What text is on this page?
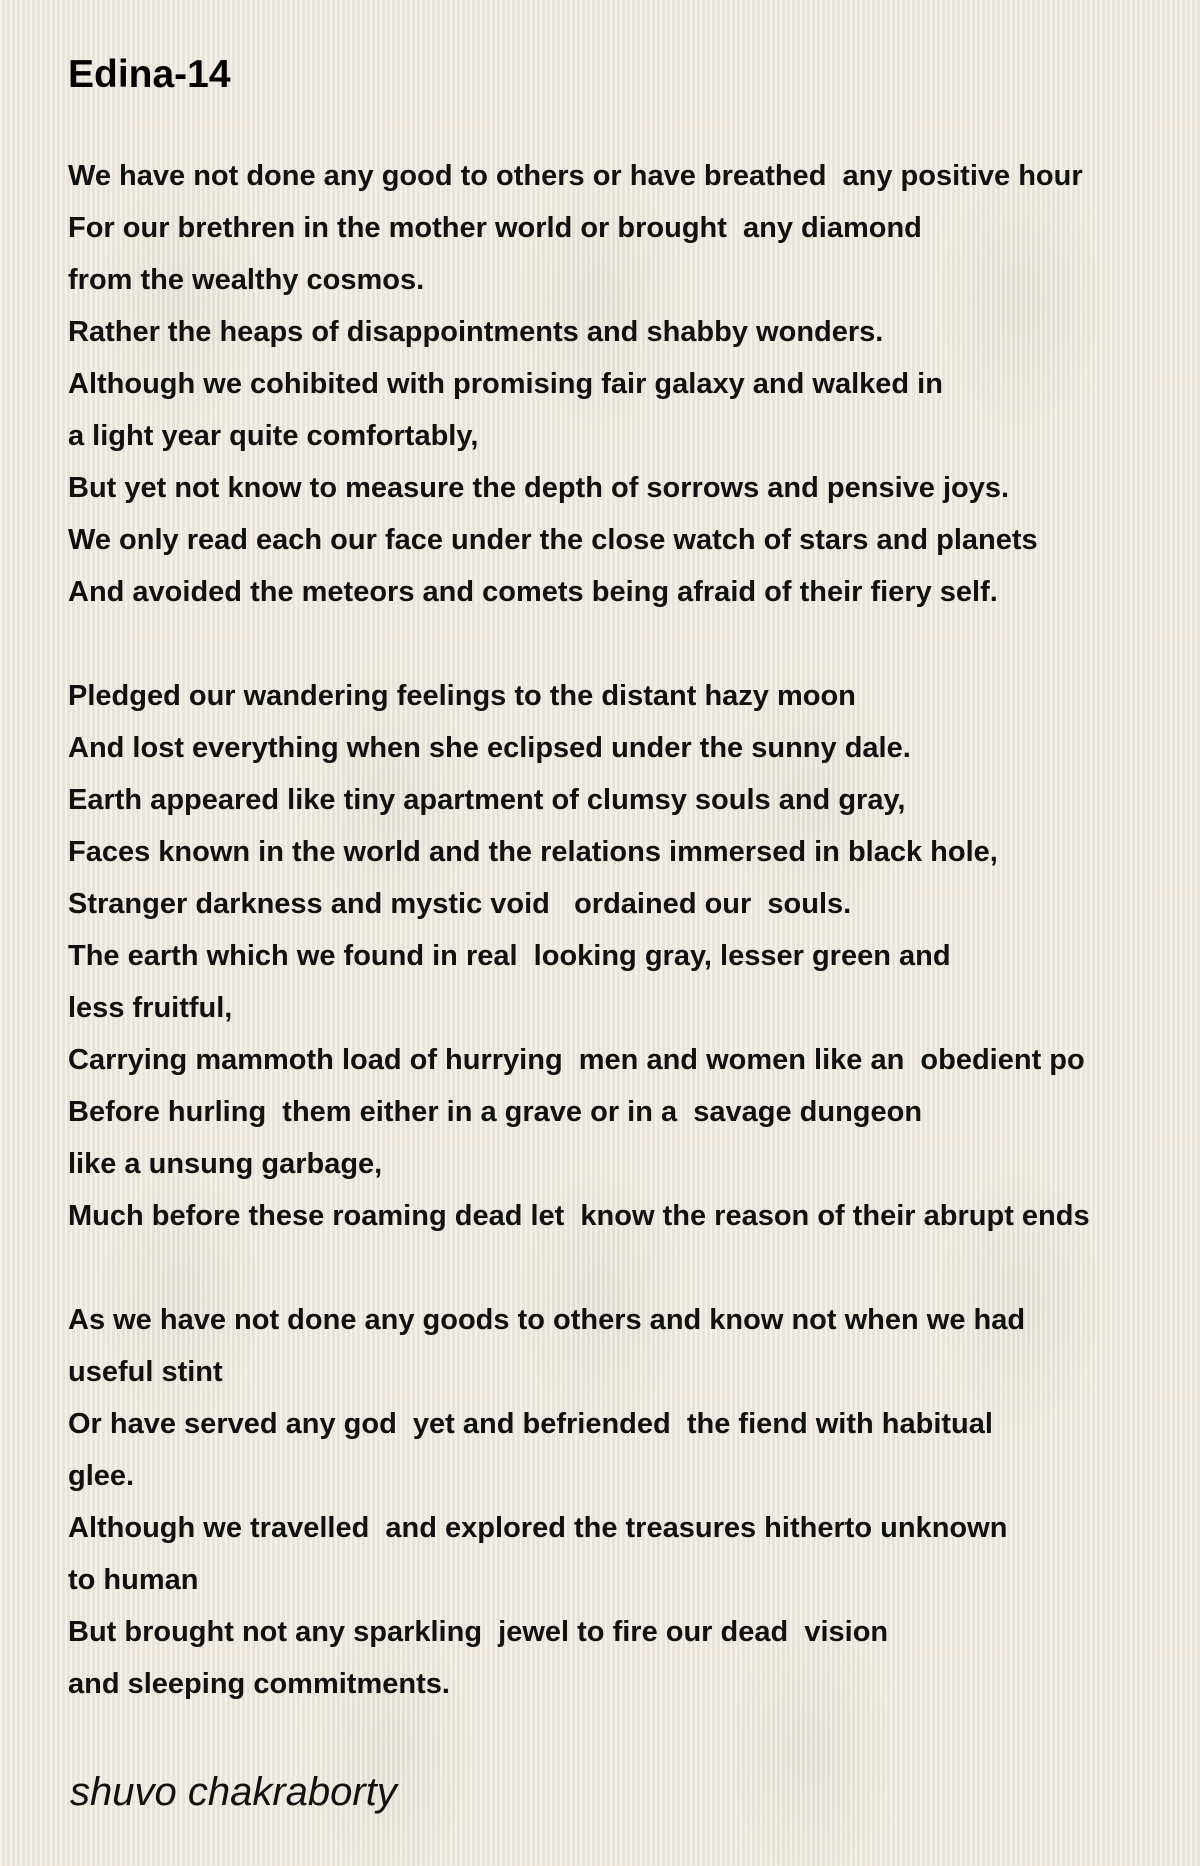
Edina-14
We have not done any good to others or have breathed  any positive hour
For our brethren in the mother world or brought  any diamond
from the wealthy cosmos.
Rather the heaps of disappointments and shabby wonders.
Although we cohibited with promising fair galaxy and walked in
a light year quite comfortably,
But yet not know to measure the depth of sorrows and pensive joys.
We only read each our face under the close watch of stars and planets
And avoided the meteors and comets being afraid of their fiery self.
Pledged our wandering feelings to the distant hazy moon
And lost everything when she eclipsed under the sunny dale.
Earth appeared like tiny apartment of clumsy souls and gray,
Faces known in the world and the relations immersed in black hole,
Stranger darkness and mystic void   ordained our  souls.
The earth which we found in real  looking gray, lesser green and
less fruitful,
Carrying mammoth load of hurrying  men and women like an  obedient po
Before hurling  them either in a grave or in a  savage dungeon
like a unsung garbage,
Much before these roaming dead let  know the reason of their abrupt ends
As we have not done any goods to others and know not when we had
useful stint
Or have served any god  yet and befriended  the fiend with habitual
glee.
Although we travelled  and explored the treasures hitherto unknown
to human
But brought not any sparkling  jewel to fire our dead  vision
and sleeping commitments.
shuvo chakraborty
